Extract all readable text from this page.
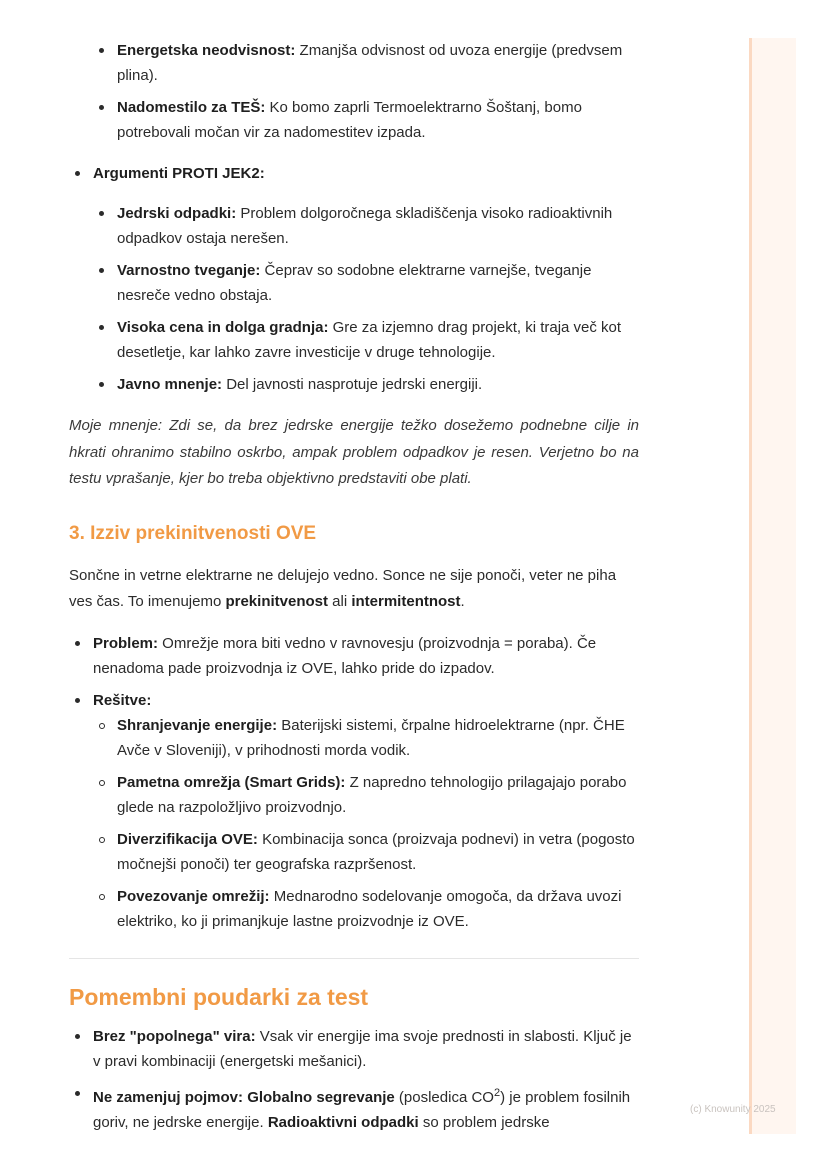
(c) Knowunity 2025
Energetska neodvisnost: Zmanjša odvisnost od uvoza energije (predvsem plina).
Nadomestilo za TEŠ: Ko bomo zaprli Termoelektrarno Šoštanj, bomo potrebovali močan vir za nadomestitev izpada.
Argumenti PROTI JEK2:
Jedrski odpadki: Problem dolgoročnega skladiščenja visoko radioaktivnih odpadkov ostaja nerešen.
Varnostno tveganje: Čeprav so sodobne elektrarne varnejše, tveganje nesreče vedno obstaja.
Visoka cena in dolga gradnja: Gre za izjemno drag projekt, ki traja več kot desetletje, kar lahko zavre investicije v druge tehnologije.
Javno mnenje: Del javnosti nasprotuje jedrski energiji.

Moje mnenje: Zdi se, da brez jedrske energije težko dosežemo podnebne cilje in hkrati ohranimo stabilno oskrbo, ampak problem odpadkov je resen. Verjetno bo na testu vprašanje, kjer bo treba objektivno predstaviti obe plati.

3. Izziv prekinitvenosti OVE

Sončne in vetrne elektrarne ne delujejo vedno. Sonce ne sije ponoči, veter ne piha ves čas. To imenujemo prekinitvenost ali intermitentnost.

Problem: Omrežje mora biti vedno v ravnovesju (proizvodnja = poraba). Če nenadoma pade proizvodnja iz OVE, lahko pride do izpadov.
Rešitve:
Shranjevanje energije: Baterijski sistemi, črpalne hidroelektrarne (npr. ČHE Avče v Sloveniji), v prihodnosti morda vodik.
Pametna omrežja (Smart Grids): Z napredno tehnologijo prilagajajo porabo glede na razpoložljivo proizvodnjo.
Diverzifikacija OVE: Kombinacija sonca (proizvaja podnevi) in vetra (pogosto močnejši ponoči) ter geografska razpršenost.
Povezovanje omrežij: Mednarodno sodelovanje omogoča, da država uvozi elektriko, ko ji primanjkuje lastne proizvodnje iz OVE.
Pomembni poudarki za test
Brez "popolnega" vira: Vsak vir energije ima svoje prednosti in slabosti. Ključ je v pravi kombinaciji (energetski mešanici).
Ne zamenjuj pojmov: Globalno segrevanje (posledica $CO^2$) je problem fosilnih goriv, ne jedrske energije. Radioaktivni odpadki so problem jedrske
